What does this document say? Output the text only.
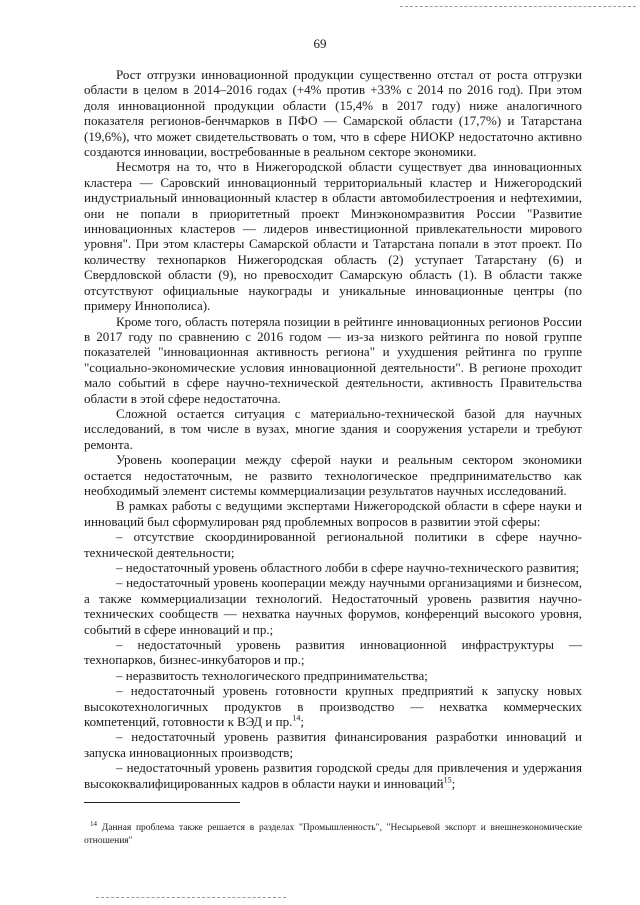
69

Рост отгрузки инновационной продукции существенно отстал от роста отгрузки области в целом в 2014–2016 годах (+4% против +33% с 2014 по 2016 год). При этом доля инновационной продукции области (15,4% в 2017 году) ниже аналогичного показателя регионов-бенчмарков в ПФО — Самарской области (17,7%) и Татарстана (19,6%), что может свидетельствовать о том, что в сфере НИОКР недостаточно активно создаются инновации, востребованные в реальном секторе экономики.

Несмотря на то, что в Нижегородской области существует два инновационных кластера — Саровский инновационный территориальный кластер и Нижегородский индустриальный инновационный кластер в области автомобилестроения и нефтехимии, они не попали в приоритетный проект Минэкономразвития России "Развитие инновационных кластеров — лидеров инвестиционной привлекательности мирового уровня". При этом кластеры Самарской области и Татарстана попали в этот проект. По количеству технопарков Нижегородская область (2) уступает Татарстану (6) и Свердловской области (9), но превосходит Самарскую область (1). В области также отсутствуют официальные наукограды и уникальные инновационные центры (по примеру Иннополиса).

Кроме того, область потеряла позиции в рейтинге инновационных регионов России в 2017 году по сравнению с 2016 годом — из-за низкого рейтинга по новой группе показателей "инновационная активность региона" и ухудшения рейтинга по группе "социально-экономические условия инновационной деятельности". В регионе проходит мало событий в сфере научно-технической деятельности, активность Правительства области в этой сфере недостаточна.

Сложной остается ситуация с материально-технической базой для научных исследований, в том числе в вузах, многие здания и сооружения устарели и требуют ремонта.

Уровень кооперации между сферой науки и реальным сектором экономики остается недостаточным, не развито технологическое предпринимательство как необходимый элемент системы коммерциализации результатов научных исследований.

В рамках работы с ведущими экспертами Нижегородской области в сфере науки и инноваций был сформулирован ряд проблемных вопросов в развитии этой сферы:

– отсутствие скоординированной региональной политики в сфере научно-технической деятельности;

– недостаточный уровень областного лобби в сфере научно-технического развития;

– недостаточный уровень кооперации между научными организациями и бизнесом, а также коммерциализации технологий. Недостаточный уровень развития научно-технических сообществ — нехватка научных форумов, конференций высокого уровня, событий в сфере инноваций и пр.;

– недостаточный уровень развития инновационной инфраструктуры — технопарков, бизнес-инкубаторов и пр.;

– неразвитость технологического предпринимательства;

– недостаточный уровень готовности крупных предприятий к запуску новых высокотехнологичных продуктов в производство — нехватка коммерческих компетенций, готовности к ВЭД и пр.$^{14}$;

– недостаточный уровень развития финансирования разработки инноваций и запуска инновационных производств;

– недостаточный уровень развития городской среды для привлечения и удержания высококвалифицированных кадров в области науки и инноваций$^{15}$;

$^{14}$ Данная проблема также решается в разделах "Промышленность", "Несырьевой экспорт и внешнеэкономические отношения"
